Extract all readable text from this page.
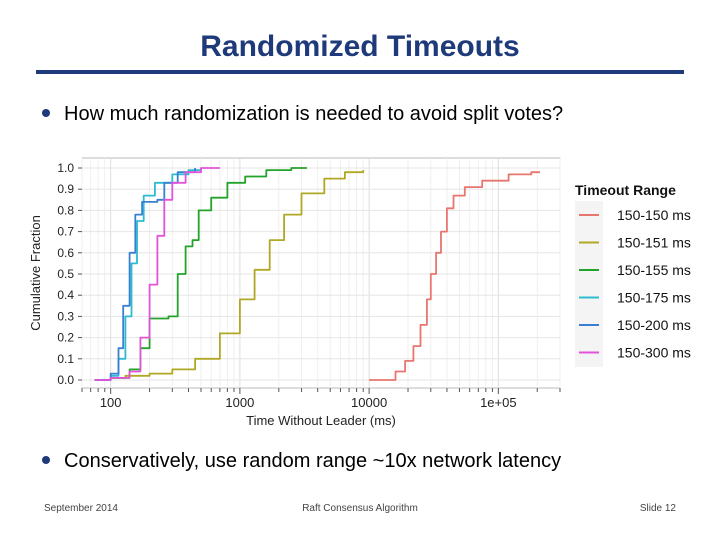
Randomized Timeouts
How much randomization is needed to avoid split votes?
0.0
0.1
0.2
0.3
0.4
0.5
0.6
0.7
0.8
0.9
1.0
100	1000	10000	1e+05
Time Without Leader (ms)
Cumulative Fraction
Timeout Range
150-150 ms
150-151 ms
150-155 ms
150-175 ms
150-200 ms
150-300 ms
Conservatively, use random range ~10x network latency
September 2014	Raft Consensus Algorithm	Slide 12
